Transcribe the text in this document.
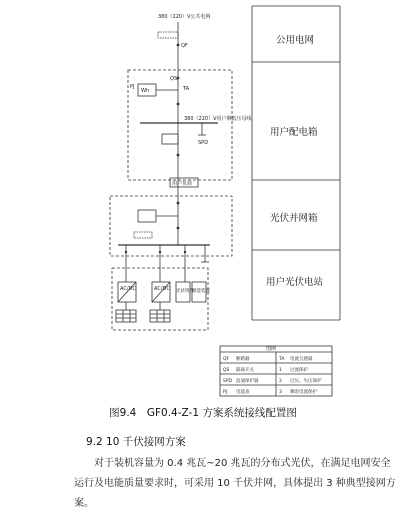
380（220）V公共电网
380（220）V用户侧低压母线
用户负荷
QF
QS
TA
PJ
Wh
SPD
AC/DC	AC/DC 光伏组件
储能装置
图例
QF 断路器	TA 电流互感器
QS 隔离开关	1 过流保护
SPD 浪涌保护器	2 过压、失压保护
PJ 电能表	3 剩余电流保护
公用电网
用户配电箱
光伏并网箱
用户光伏电站
图9.4　GF0.4-Z-1 方案系统接线配置图
9.2 10 千伏接网方案
对于装机容量为 0.4 兆瓦~20 兆瓦的分布式光伏，在满足电网安全运行及电能质量要求时，可采用 10 千伏并网，具体提出 3 种典型接网方案。
